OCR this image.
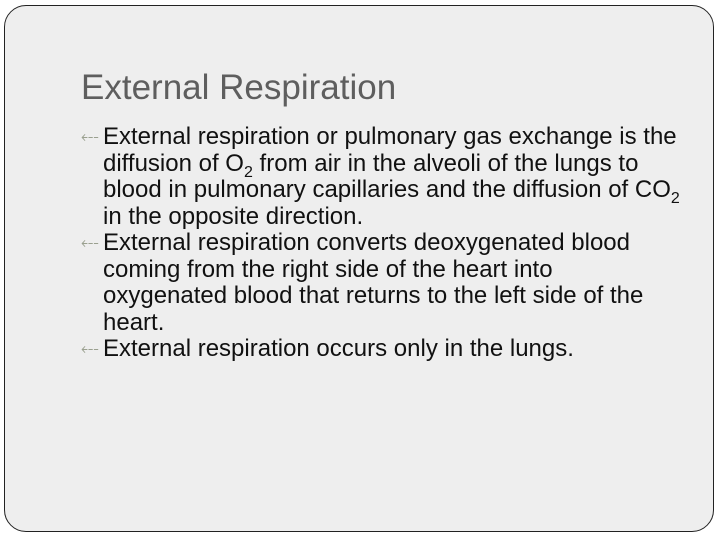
External Respiration
⤎ External respiration or pulmonary gas exchange is the diffusion of $O_2$ from air in the alveoli of the lungs to blood in pulmonary capillaries and the diffusion of $CO_2$ in the opposite direction.
⤎ External respiration converts deoxygenated blood coming from the right side of the heart into oxygenated blood that returns to the left side of the heart.
⤎ External respiration occurs only in the lungs.
